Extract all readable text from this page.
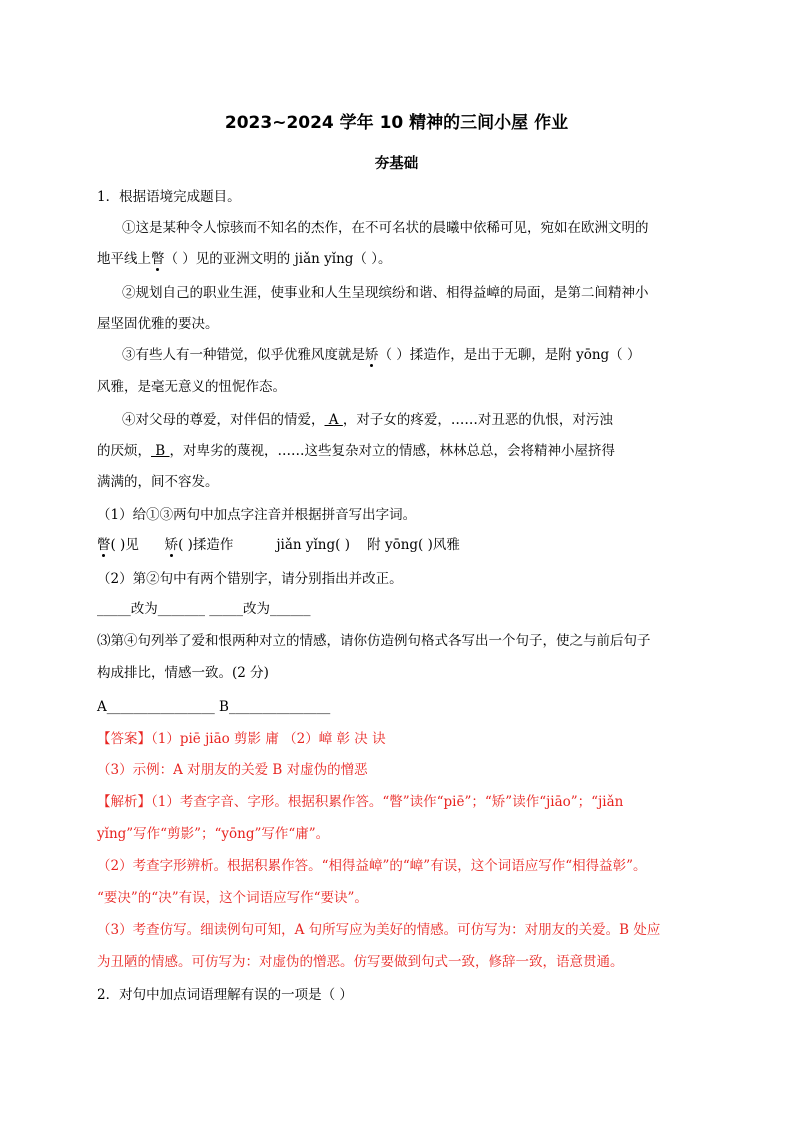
2023~2024 学年 10 精神的三间小屋 作业
夯基础
1．根据语境完成题目。
①这是某种令人惊骇而不知名的杰作，在不可名状的晨曦中依稀可见，宛如在欧洲文明的
地平线上瞥（ ）见的亚洲文明的 jiǎn yǐng（ ）。
②规划自己的职业生涯，使事业和人生呈现缤纷和谐、相得益嶂的局面，是第二间精神小
屋坚固优雅的要决。
③有些人有一种错觉，似乎优雅风度就是矫（ ）揉造作，是出于无聊，是附 yōng（ ）
风雅，是毫无意义的忸怩作态。
④对父母的尊爱，对伴侣的情爱， A ，对子女的疼爱，……对丑恶的仇恨，对污浊
的厌烦， B ，对卑劣的蔑视，……这些复杂对立的情感，林林总总，会将精神小屋挤得
满满的，间不容发。
（1）给①③两句中加点字注音并根据拼音写出字词。
瞥( )见 矫( )揉造作	jiǎn yǐng( ) 附 yōng( )风雅
（2）第②句中有两个错别字，请分别指出并改正。
_____改为_______ _____改为______
⑶第④句列举了爱和恨两种对立的情感，请你仿造例句格式各写出一个句子，使之与前后句子
构成排比，情感一致。(2 分)
A________________ B_______________
【答案】（1）piē jiāo 剪影 庸 （2）嶂 彰 决 诀
（3）示例：A 对朋友的关爱 B 对虚伪的憎恶
【解析】（1）考查字音、字形。根据积累作答。“瞥”读作“piē”；“矫”读作“jiāo”；“jiǎn
yǐng”写作“剪影”；“yōng”写作“庸”。
（2）考查字形辨析。根据积累作答。“相得益嶂”的“嶂”有误，这个词语应写作“相得益彰”。
“要决”的“决”有误，这个词语应写作“要诀”。
（3）考查仿写。细读例句可知，A 句所写应为美好的情感。可仿写为：对朋友的关爱。B 处应
为丑陋的情感。可仿写为：对虚伪的憎恶。仿写要做到句式一致，修辞一致，语意贯通。
2．对句中加点词语理解有误的一项是（ ）
